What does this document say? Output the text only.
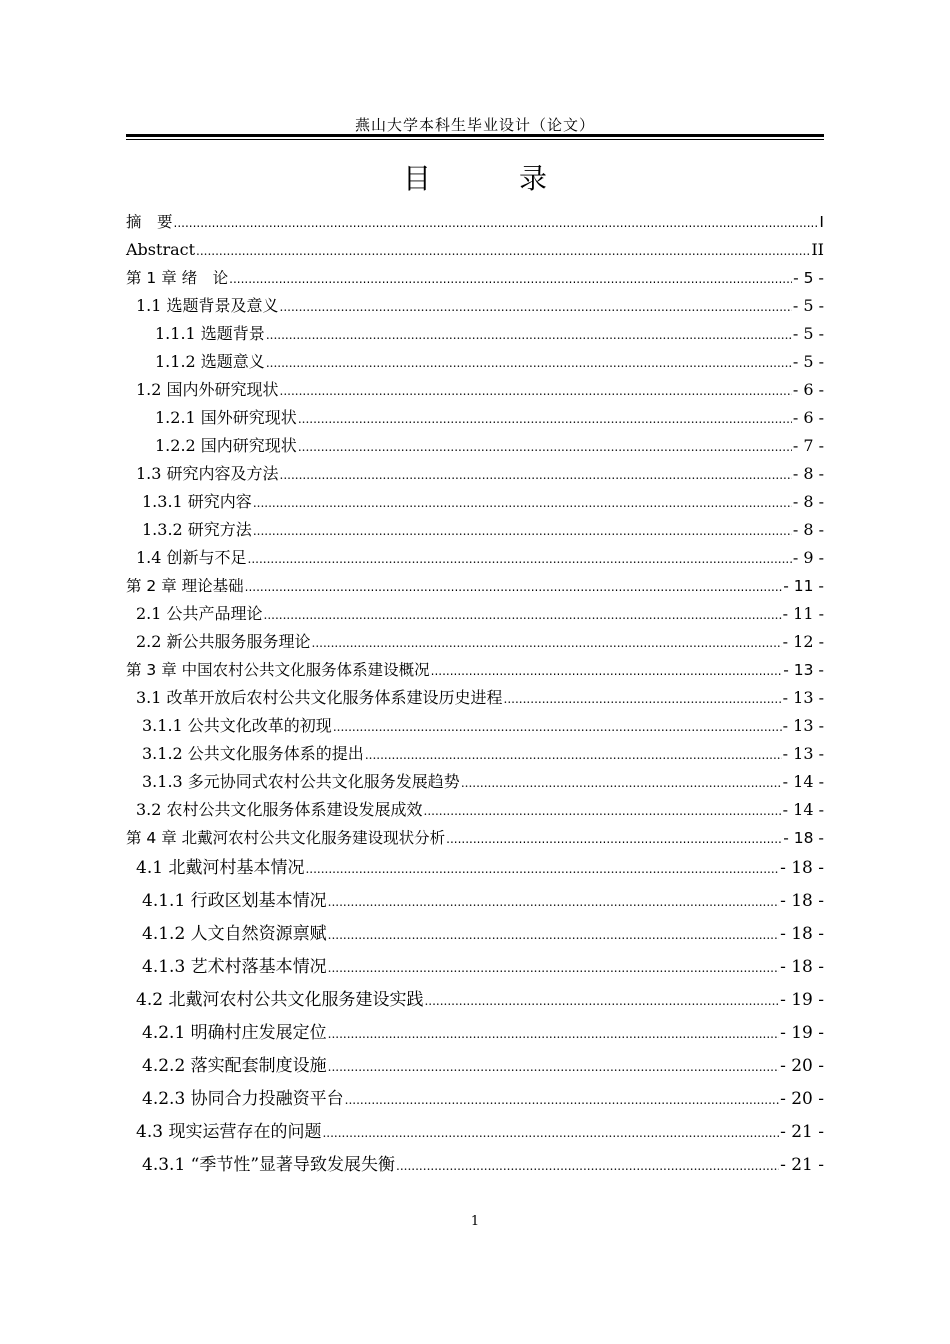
燕山大学本科生毕业设计（论文）
目　录
摘　要 .....	I
Abstract .....	II
第 1 章 绪　论 .....	- 5 -
1.1 选题背景及意义 .....	- 5 -
1.1.1 选题背景 .....	- 5 -
1.1.2 选题意义 .....	- 5 -
1.2 国内外研究现状 .....	- 6 -
1.2.1 国外研究现状 .....	- 6 -
1.2.2 国内研究现状 .....	- 7 -
1.3 研究内容及方法 .....	- 8 -
1.3.1 研究内容 .....	- 8 -
1.3.2 研究方法 .....	- 8 -
1.4 创新与不足 .....	- 9 -
第 2 章 理论基础 .....	- 11 -
2.1 公共产品理论 .....	- 11 -
2.2 新公共服务服务理论 .....	- 12 -
第 3 章 中国农村公共文化服务体系建设概况 .....	- 13 -
3.1 改革开放后农村公共文化服务体系建设历史进程 .....	- 13 -
3.1.1 公共文化改革的初现 .....	- 13 -
3.1.2 公共文化服务体系的提出 .....	- 13 -
3.1.3 多元协同式农村公共文化服务发展趋势 .....	- 14 -
3.2 农村公共文化服务体系建设发展成效 .....	- 14 -
第 4 章 北戴河农村公共文化服务建设现状分析 .....	- 18 -
4.1 北戴河村基本情况 .....	- 18 -
4.1.1 行政区划基本情况 .....	- 18 -
4.1.2 人文自然资源禀赋 .....	- 18 -
4.1.3 艺术村落基本情况 .....	- 18 -
4.2 北戴河农村公共文化服务建设实践 .....	- 19 -
4.2.1 明确村庄发展定位 .....	- 19 -
4.2.2 落实配套制度设施 .....	- 20 -
4.2.3 协同合力投融资平台 .....	- 20 -
4.3 现实运营存在的问题 .....	- 21 -
4.3.1 “季节性”显著导致发展失衡 .....	- 21 -
1
